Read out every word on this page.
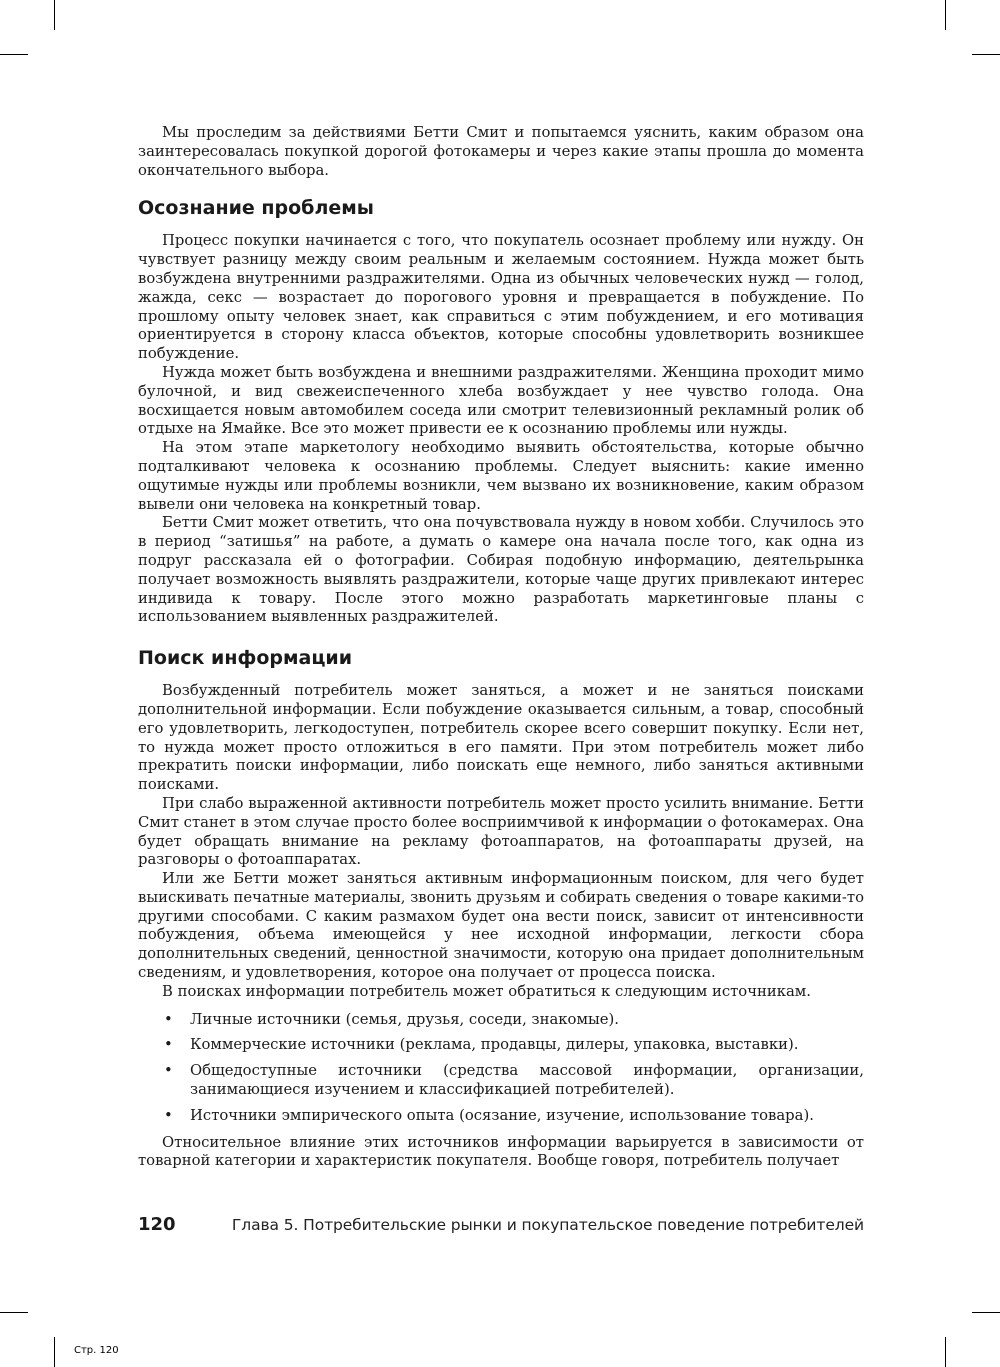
Мы проследим за действиями Бетти Смит и попытаемся уяснить, каким образом она заинтересовалась покупкой дорогой фотокамеры и через какие этапы прошла до момента окончательного выбора.

Осознание проблемы

Процесс покупки начинается с того, что покупатель осознает проблему или нужду. Он чувствует разницу между своим реальным и желаемым состоянием. Нужда может быть возбуждена внутренними раздражителями. Одна из обычных человеческих нужд — голод, жажда, секс — возрастает до порогового уровня и превращается в побуждение. По прошлому опыту человек знает, как справиться с этим побуждением, и его мотивация ориентируется в сторону класса объектов, которые способны удовлетворить возникшее побуждение.

Нужда может быть возбуждена и внешними раздражителями. Женщина проходит мимо булочной, и вид свежеиспеченного хлеба возбуждает у нее чувство голода. Она восхищается новым автомобилем соседа или смотрит телевизионный рекламный ролик об отдыхе на Ямайке. Все это может привести ее к осознанию проблемы или нужды.

На этом этапе маркетологу необходимо выявить обстоятельства, которые обычно подталкивают человека к осознанию проблемы. Следует выяснить: какие именно ощутимые нужды или проблемы возникли, чем вызвано их возникновение, каким образом вывели они человека на конкретный товар.

Бетти Смит может ответить, что она почувствовала нужду в новом хобби. Случилось это в период “затишья” на работе, а думать о камере она начала после того, как одна из подруг рассказала ей о фотографии. Собирая подобную информацию, деятельрынка получает возможность выявлять раздражители, которые чаще других привлекают интерес индивида к товару. После этого можно разработать маркетинговые планы с использованием выявленных раздражителей.

Поиск информации

Возбужденный потребитель может заняться, а может и не заняться поисками дополнительной информации. Если побуждение оказывается сильным, а товар, способный его удовлетворить, легкодоступен, потребитель скорее всего совершит покупку. Если нет, то нужда может просто отложиться в его памяти. При этом потребитель может либо прекратить поиски информации, либо поискать еще немного, либо заняться активными поисками.

При слабо выраженной активности потребитель может просто усилить внимание. Бетти Смит станет в этом случае просто более восприимчивой к информации о фотокамерах. Она будет обращать внимание на рекламу фотоаппаратов, на фотоаппараты друзей, на разговоры о фотоаппаратах.

Или же Бетти может заняться активным информационным поиском, для чего будет выискивать печатные материалы, звонить друзьям и собирать сведения о товаре какими-то другими способами. С каким размахом будет она вести поиск, зависит от интенсивности побуждения, объема имеющейся у нее исходной информации, легкости сбора дополнительных сведений, ценностной значимости, которую она придает дополнительным сведениям, и удовлетворения, которое она получает от процесса поиска.

В поисках информации потребитель может обратиться к следующим источникам.

• Личные источники (семья, друзья, соседи, знакомые).
• Коммерческие источники (реклама, продавцы, дилеры, упаковка, выставки).
• Общедоступные источники (средства массовой информации, организации, занимающиеся изучением и классификацией потребителей).
• Источники эмпирического опыта (осязание, изучение, использование товара).

Относительное влияние этих источников информации варьируется в зависимости от товарной категории и характеристик покупателя. Вообще говоря, потребитель получает

120	Глава 5. Потребительские рынки и покупательское поведение потребителей
Стр. 120
